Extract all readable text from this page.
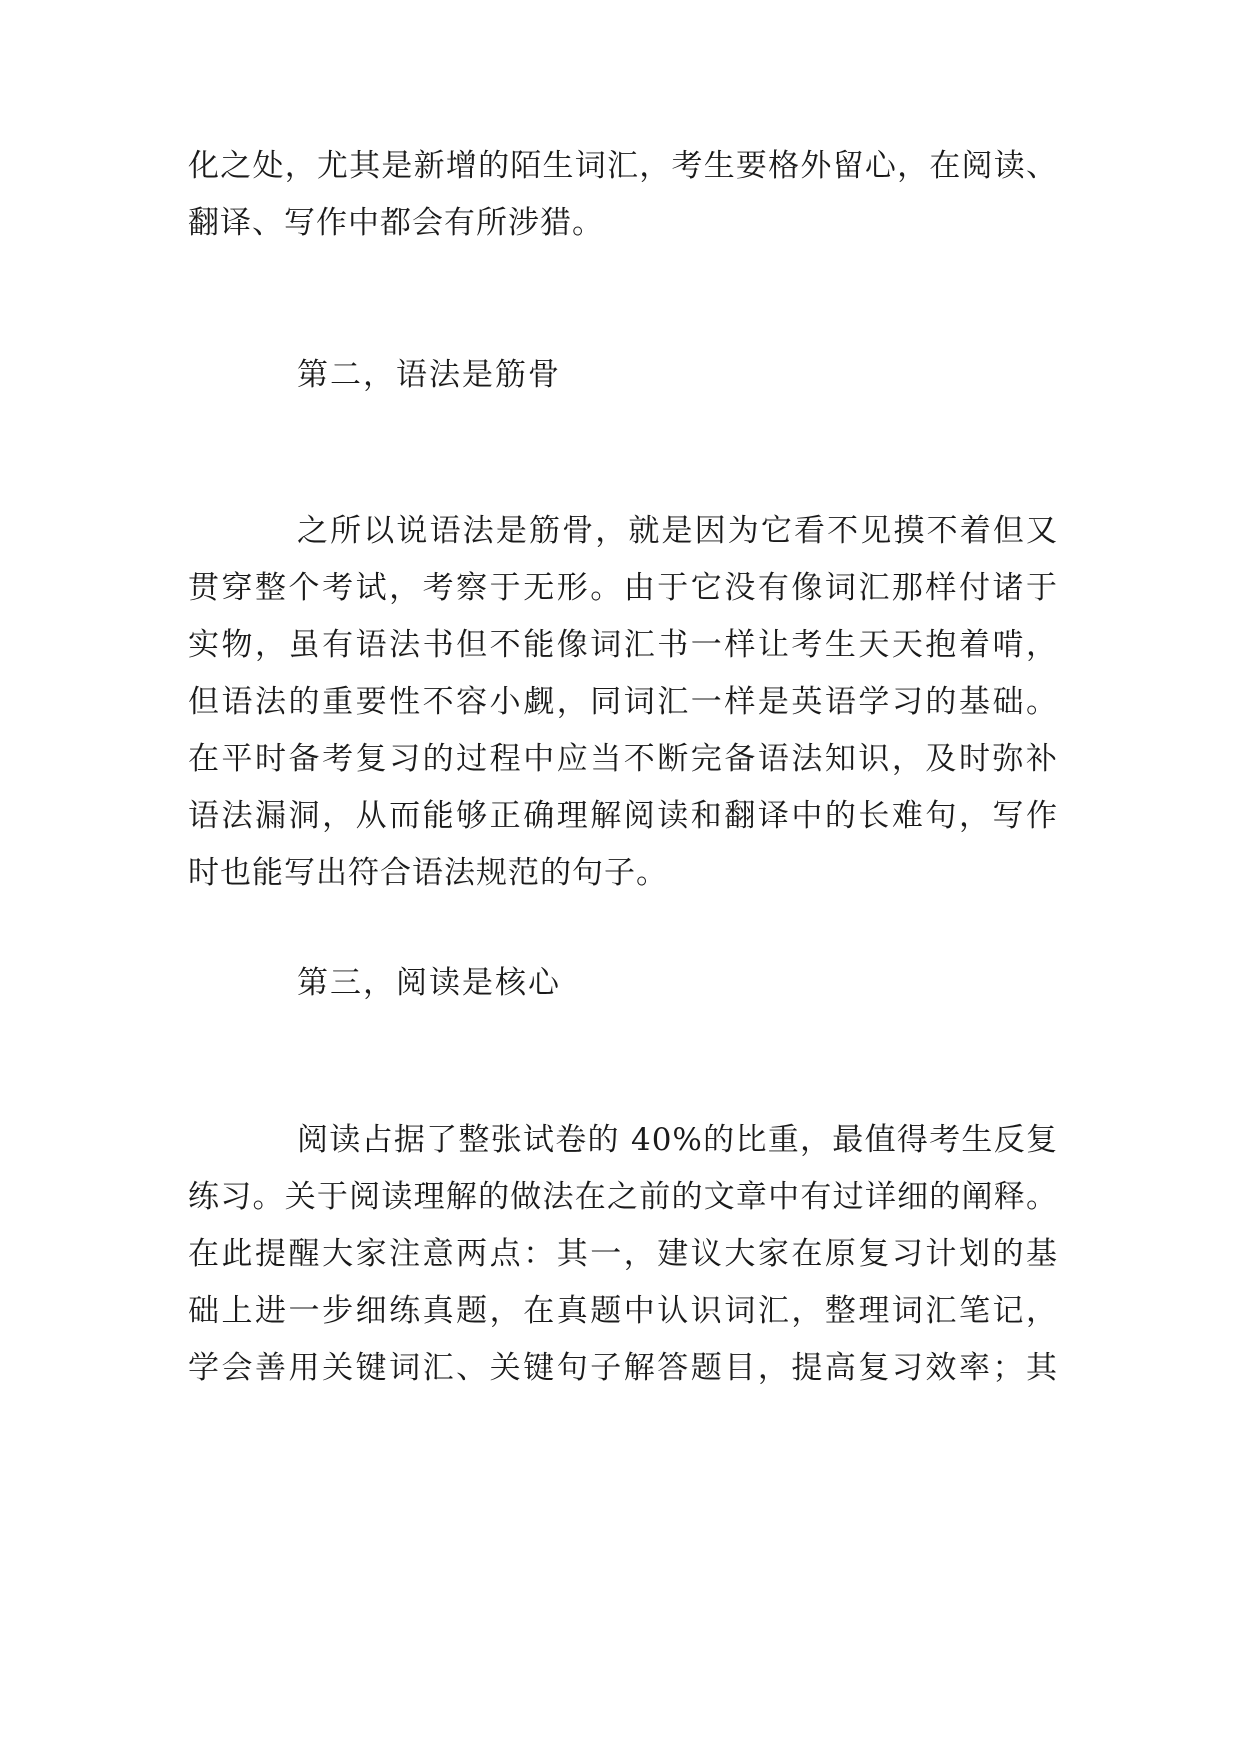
化之处，尤其是新增的陌生词汇，考生要格外留心，在阅读、
翻译、写作中都会有所涉猎。
第二，语法是筋骨
之所以说语法是筋骨，就是因为它看不见摸不着但又
贯穿整个考试，考察于无形。由于它没有像词汇那样付诸于
实物，虽有语法书但不能像词汇书一样让考生天天抱着啃，
但语法的重要性不容小觑，同词汇一样是英语学习的基础。
在平时备考复习的过程中应当不断完备语法知识，及时弥补
语法漏洞，从而能够正确理解阅读和翻译中的长难句，写作
时也能写出符合语法规范的句子。
第三，阅读是核心
阅读占据了整张试卷的 40%的比重，最值得考生反复
练习。关于阅读理解的做法在之前的文章中有过详细的阐释。
在此提醒大家注意两点：其一，建议大家在原复习计划的基
础上进一步细练真题，在真题中认识词汇，整理词汇笔记，
学会善用关键词汇、关键句子解答题目，提高复习效率；其
